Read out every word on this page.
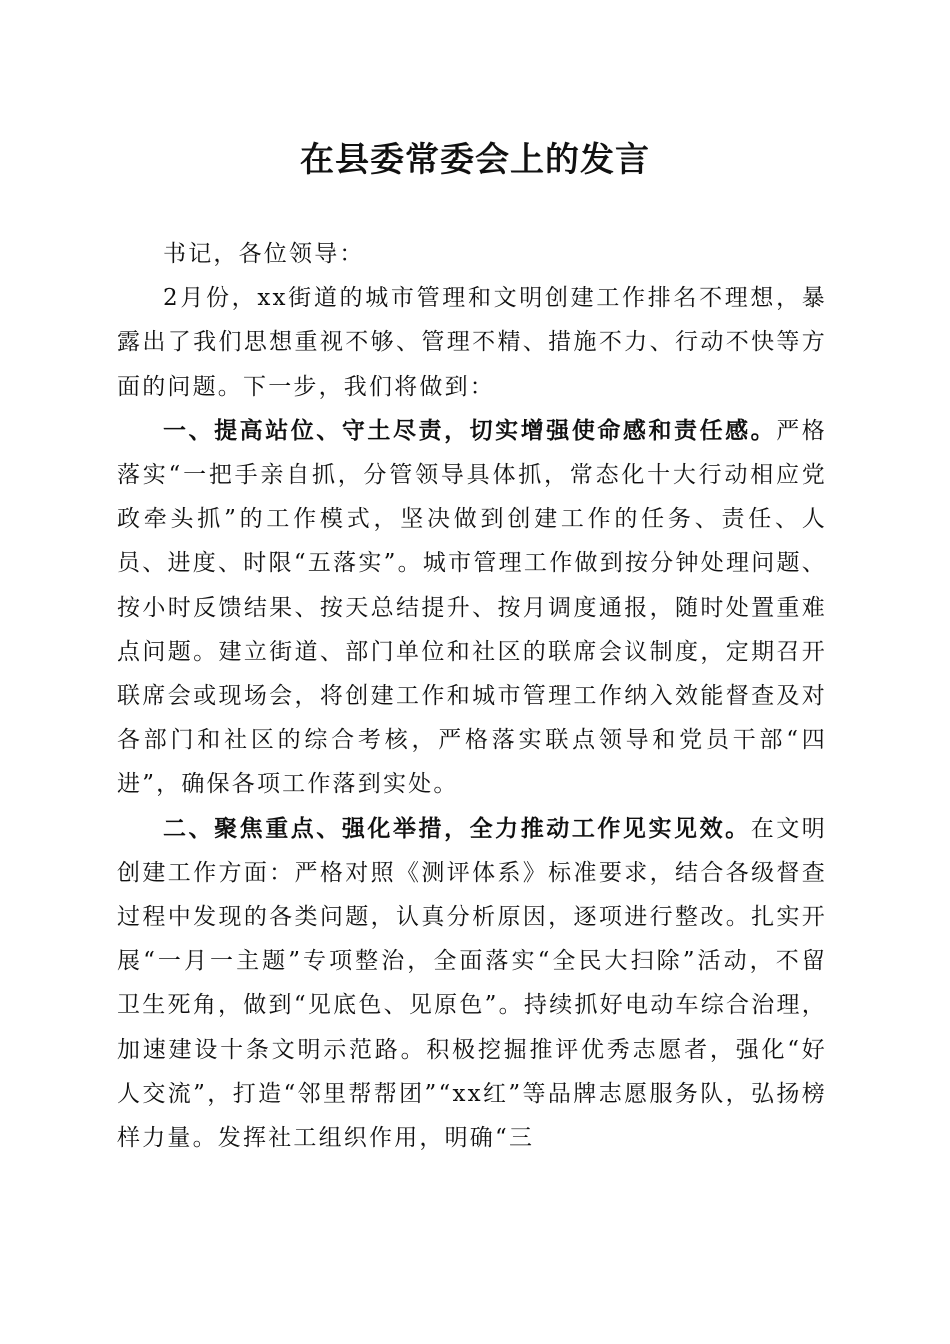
在县委常委会上的发言

书记，各位领导：

2月份，xx街道的城市管理和文明创建工作排名不理想，暴露出了我们思想重视不够、管理不精、措施不力、行动不快等方面的问题。下一步，我们将做到：

一、提高站位、守土尽责，切实增强使命感和责任感。严格落实“一把手亲自抓，分管领导具体抓，常态化十大行动相应党政牵头抓”的工作模式，坚决做到创建工作的任务、责任、人员、进度、时限“五落实”。城市管理工作做到按分钟处理问题、按小时反馈结果、按天总结提升、按月调度通报，随时处置重难点问题。建立街道、部门单位和社区的联席会议制度，定期召开联席会或现场会，将创建工作和城市管理工作纳入效能督查及对各部门和社区的综合考核，严格落实联点领导和党员干部“四进”，确保各项工作落到实处。

二、聚焦重点、强化举措，全力推动工作见实见效。在文明创建工作方面：严格对照《测评体系》标准要求，结合各级督查过程中发现的各类问题，认真分析原因，逐项进行整改。扎实开展“一月一主题”专项整治，全面落实“全民大扫除”活动，不留卫生死角，做到“见底色、见原色”。持续抓好电动车综合治理，加速建设十条文明示范路。积极挖掘推评优秀志愿者，强化“好人交流”，打造“邻里帮帮团”“xx红”等品牌志愿服务队，弘扬榜样力量。发挥社工组织作用，明确“三
